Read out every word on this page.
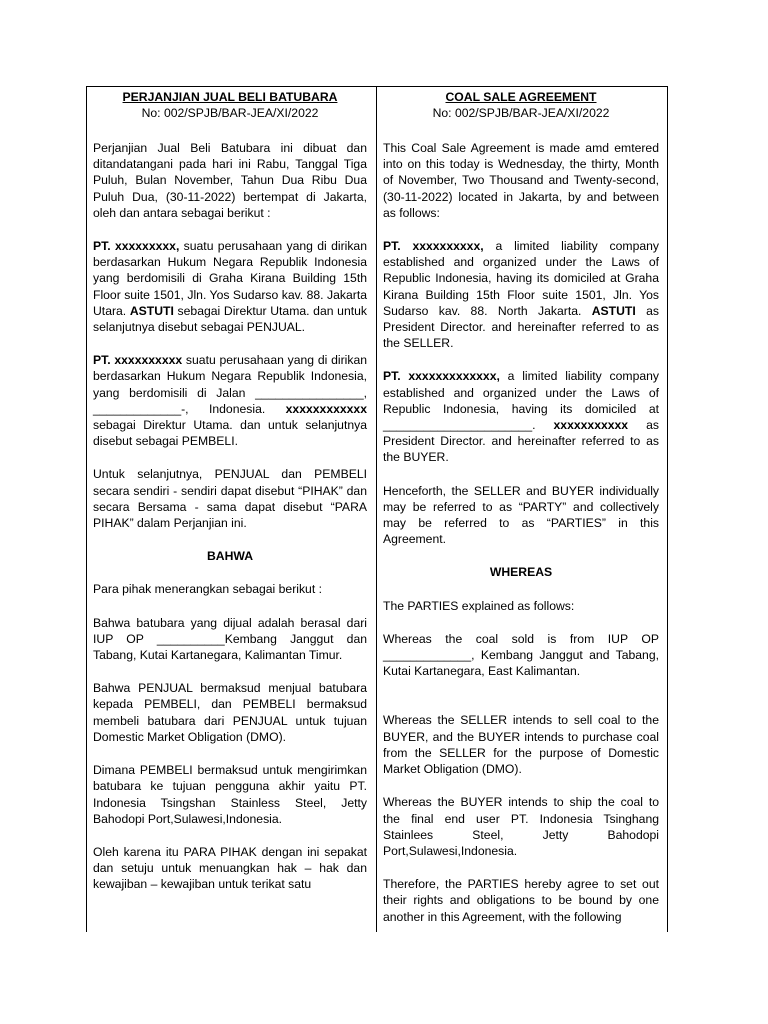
PERJANJIAN JUAL BELI BATUBARA
No: 002/SPJB/BAR-JEA/XI/2022

Perjanjian Jual Beli Batubara ini dibuat dan ditandatangani pada hari ini Rabu, Tanggal Tiga Puluh, Bulan November, Tahun Dua Ribu Dua Puluh Dua, (30-11-2022) bertempat di Jakarta, oleh dan antara sebagai berikut :

PT. xxxxxxxxx, suatu perusahaan yang di dirikan berdasarkan Hukum Negara Republik Indonesia yang berdomisili di Graha Kirana Building 15th Floor suite 1501, Jln. Yos Sudarso kav. 88. Jakarta Utara. ASTUTI sebagai Direktur Utama. dan untuk selanjutnya disebut sebagai PENJUAL.

PT. xxxxxxxxxx suatu perusahaan yang di dirikan berdasarkan Hukum Negara Republik Indonesia, yang berdomisili di Jalan ________________, _____________-, Indonesia. xxxxxxxxxxxx sebagai Direktur Utama. dan untuk selanjutnya disebut sebagai PEMBELI.

Untuk selanjutnya, PENJUAL dan PEMBELI secara sendiri - sendiri dapat disebut “PIHAK” dan secara Bersama - sama dapat disebut “PARA PIHAK” dalam Perjanjian ini.

BAHWA

Para pihak menerangkan sebagai berikut :

Bahwa batubara yang dijual adalah berasal dari IUP OP __________Kembang Janggut dan Tabang, Kutai Kartanegara, Kalimantan Timur.

Bahwa PENJUAL bermaksud menjual batubara kepada PEMBELI, dan PEMBELI bermaksud membeli batubara dari PENJUAL untuk tujuan Domestic Market Obligation (DMO).

Dimana PEMBELI bermaksud untuk mengirimkan batubara ke tujuan pengguna akhir yaitu PT. Indonesia Tsingshan Stainless Steel, Jetty Bahodopi Port,Sulawesi,Indonesia.

Oleh karena itu PARA PIHAK dengan ini sepakat dan setuju untuk menuangkan hak – hak dan kewajiban – kewajiban untuk terikat satu

COAL SALE AGREEMENT
No: 002/SPJB/BAR-JEA/XI/2022

This Coal Sale Agreement is made amd emtered into on this today is Wednesday, the thirty, Month of November, Two Thousand and Twenty-second, (30-11-2022) located in Jakarta, by and between as follows:

PT. xxxxxxxxxx, a limited liability company established and organized under the Laws of Republic Indonesia, having its domiciled at Graha Kirana Building 15th Floor suite 1501, Jln. Yos Sudarso kav. 88. North Jakarta. ASTUTI as President Director. and hereinafter referred to as the SELLER.

PT. xxxxxxxxxxxxx, a limited liability company established and organized under the Laws of Republic Indonesia, having its domiciled at ______________________. xxxxxxxxxxx as President Director. and hereinafter referred to as the BUYER.

Henceforth, the SELLER and BUYER individually may be referred to as “PARTY” and collectively may be referred to as “PARTIES” in this Agreement.

WHEREAS

The PARTIES explained as follows:

Whereas the coal sold is from IUP OP _____________, Kembang Janggut and Tabang, Kutai Kartanegara, East Kalimantan.

Whereas the SELLER intends to sell coal to the BUYER, and the BUYER intends to purchase coal from the SELLER for the purpose of Domestic Market Obligation (DMO).

Whereas the BUYER intends to ship the coal to the final end user PT. Indonesia Tsinghang Stainlees Steel, Jetty Bahodopi Port,Sulawesi,Indonesia.

Therefore, the PARTIES hereby agree to set out their rights and obligations to be bound by one another in this Agreement, with the following
